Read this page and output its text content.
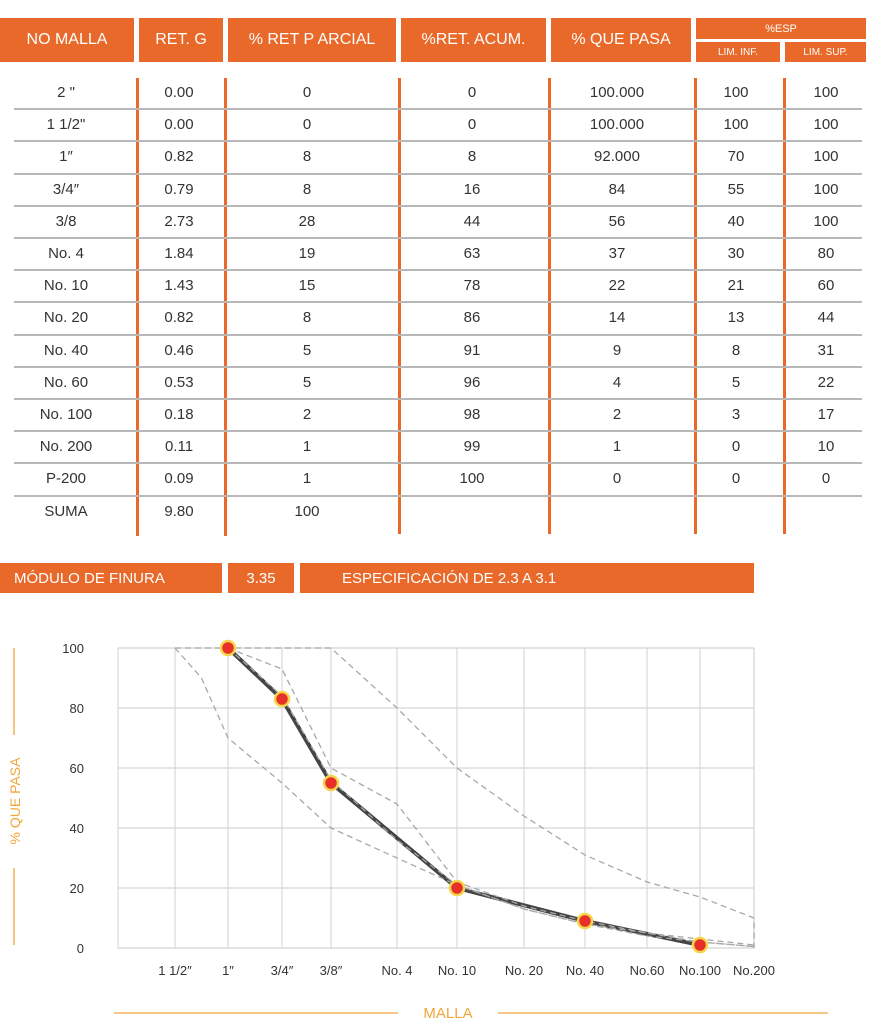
NO MALLA	RET. G	% RET P ARCIAL	%RET. ACUM.	% QUE PASA
%ESP
LIM. INF.	LIM. SUP.
2 "	0.00	0	0	100.000	100	100
1 1/2"	0.00	0	0	100.000	100	100
1″	0.82	8	8	92.000	70	100
3/4″	0.79	8	16	84	55	100
3/8	2.73	28	44	56	40	100
No. 4	1.84	19	63	37	30	80
No. 10	1.43	15	78	22	21	60
No. 20	0.82	8	86	14	13	44
No. 40	0.46	5	91	9	8	31
No. 60	0.53	5	96	4	5	22
No. 100	0.18	2	98	2	3	17
No. 200	0.11	1	99	1	0	10
P-200	0.09	1	100	0	0	0
SUMA	9.80	100
MÓDULO DE FINURA	3.35	ESPECIFICACIÓN DE 2.3 A 3.1
0
20
40
60
80
100
1 1/2″ 1″	3/4″ 3/8″	No. 4 No. 10 No. 20 No. 40 No.60 No.100 No.200
% QUE PASA
MALLA
